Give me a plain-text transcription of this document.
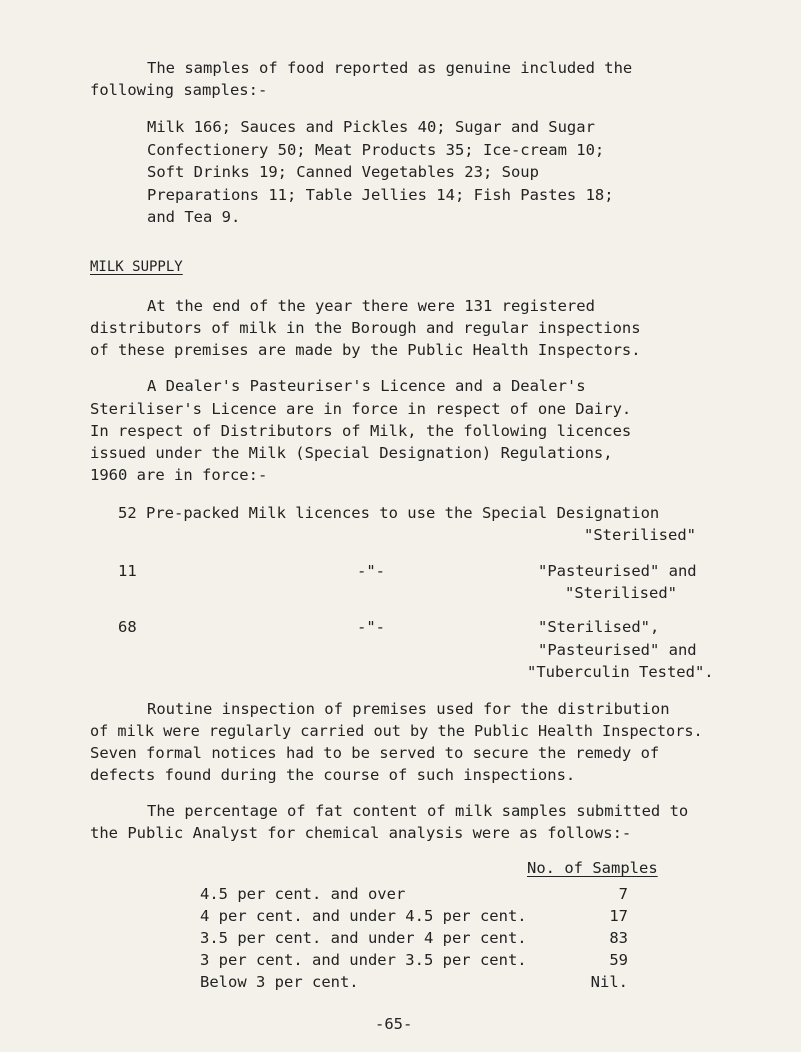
The samples of food reported as genuine included the
following samples:-
Milk 166; Sauces and Pickles 40; Sugar and Sugar
Confectionery 50; Meat Products 35; Ice-cream 10;
Soft Drinks 19; Canned Vegetables 23; Soup
Preparations 11; Table Jellies 14; Fish Pastes 18;
and Tea 9.
MILK SUPPLY
At the end of the year there were 131 registered
distributors of milk in the Borough and regular inspections
of these premises are made by the Public Health Inspectors.
A Dealer's Pasteuriser's Licence and a Dealer's
Steriliser's Licence are in force in respect of one Dairy.
In respect of Distributors of Milk, the following licences
issued under the Milk (Special Designation) Regulations,
1960 are in force:-
52 Pre-packed Milk licences to use the Special Designation
"Sterilised"
11	-"-	"Pasteurised" and
"Sterilised"
68	-"-	"Sterilised",
"Pasteurised" and
"Tuberculin Tested".
Routine inspection of premises used for the distribution
of milk were regularly carried out by the Public Health Inspectors.
Seven formal notices had to be served to secure the remedy of
defects found during the course of such inspections.
The percentage of fat content of milk samples submitted to
the Public Analyst for chemical analysis were as follows:-
No. of Samples
4.5 per cent. and over	7
4 per cent. and under 4.5 per cent.	17
3.5 per cent. and under 4 per cent.	83
3 per cent. and under 3.5 per cent.	59
Below 3 per cent.	Nil.
-65-
